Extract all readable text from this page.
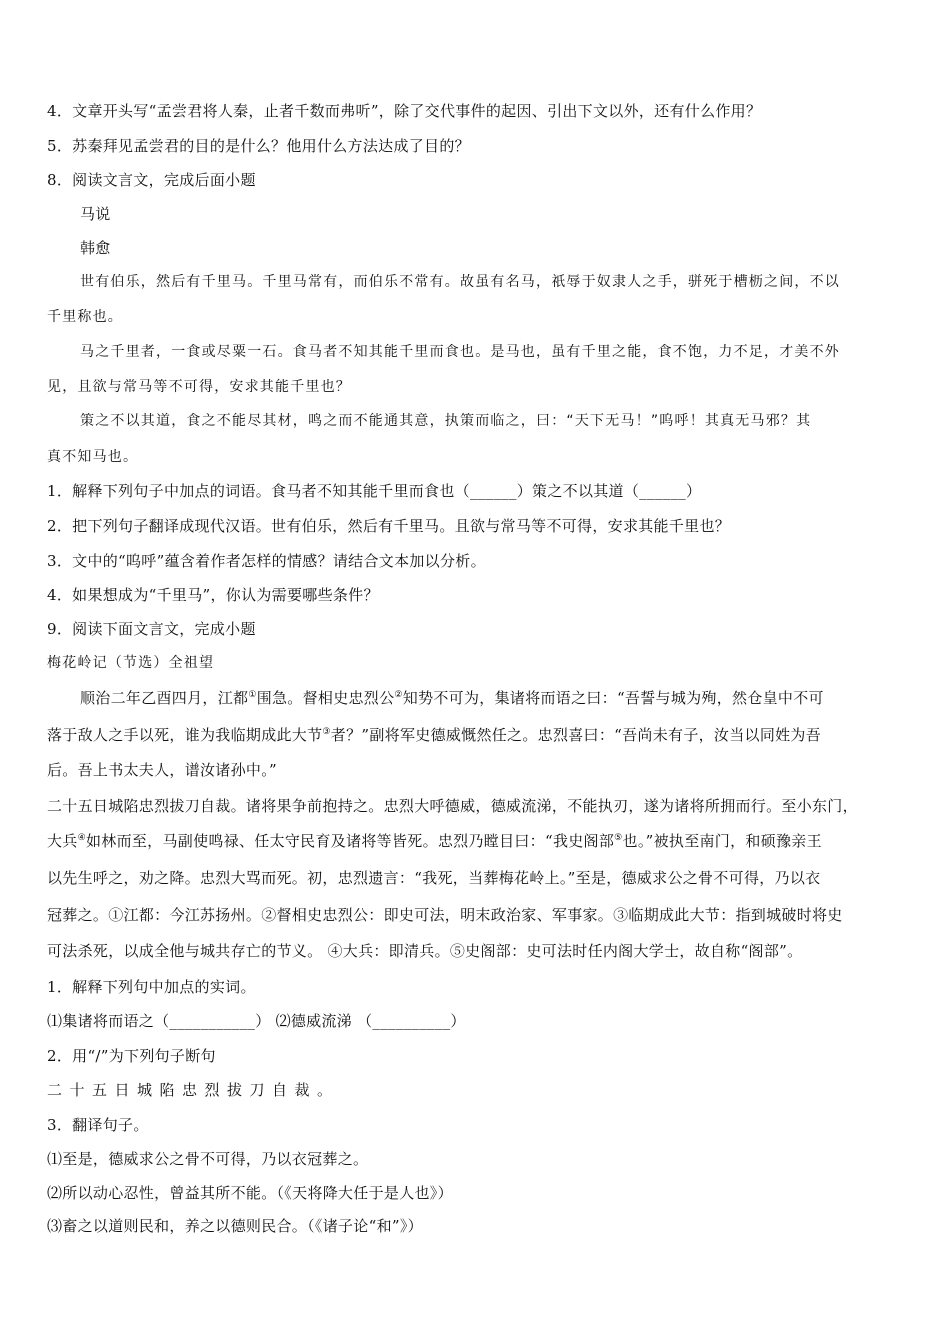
4．文章开头写“孟尝君将人秦，止者千数而弗听”，除了交代事件的起因、引出下文以外，还有什么作用？
5．苏秦拜见孟尝君的目的是什么？他用什么方法达成了目的？
8．阅读文言文，完成后面小题
马说
韩愈
世有伯乐，然后有千里马。千里马常有，而伯乐不常有。故虽有名马，祇辱于奴隶人之手，骈死于槽枥之间，不以
千里称也。
马之千里者，一食或尽粟一石。食马者不知其能千里而食也。是马也，虽有千里之能，食不饱，力不足，才美不外
见，且欲与常马等不可得，安求其能千里也？
策之不以其道，食之不能尽其材，鸣之而不能通其意，执策而临之，曰：“天下无马！”呜呼！其真无马邪？其
真不知马也。
1．解释下列句子中加点的词语。食马者不知其能千里而食也（______）策之不以其道（______）
2．把下列句子翻译成现代汉语。世有伯乐，然后有千里马。且欲与常马等不可得，安求其能千里也？
3．文中的“呜呼”蕴含着作者怎样的情感？请结合文本加以分析。
4．如果想成为“千里马”，你认为需要哪些条件？
9．阅读下面文言文，完成小题
梅花岭记（节选）全祖望
顺治二年乙酉四月，江都①围急。督相史忠烈公②知势不可为，集诸将而语之曰：“吾誓与城为殉，然仓皇中不可
落于敌人之手以死，谁为我临期成此大节③者？”副将军史德威慨然任之。忠烈喜曰：“吾尚未有子，汝当以同姓为吾
后。吾上书太夫人，谱汝诸孙中。”
二十五日城陷忠烈拔刀自裁。诸将果争前抱持之。忠烈大呼德威，德威流涕，不能执刃，遂为诸将所拥而行。至小东门，
大兵④如林而至，马副使鸣禄、任太守民育及诸将等皆死。忠烈乃瞠目曰：“我史阁部⑤也。”被执至南门，和硕豫亲王
以先生呼之，劝之降。忠烈大骂而死。初，忠烈遗言：“我死，当葬梅花岭上。”至是，德威求公之骨不可得，乃以衣
冠葬之。①江都：今江苏扬州。②督相史忠烈公：即史可法，明末政治家、军事家。③临期成此大节：指到城破时将史
可法杀死，以成全他与城共存亡的节义。 ④大兵：即清兵。⑤史阁部：史可法时任内阁大学士，故自称“阁部”。
1．解释下列句中加点的实词。
⑴集诸将而语之（___________） ⑵德威流涕 （__________）
2．用“/”为下列句子断句
二十五日城陷忠烈拔刀自裁。
3．翻译句子。
⑴至是，德威求公之骨不可得，乃以衣冠葬之。
⑵所以动心忍性，曾益其所不能。（《天将降大任于是人也》）
⑶畜之以道则民和，养之以德则民合。（《诸子论“和”》）
